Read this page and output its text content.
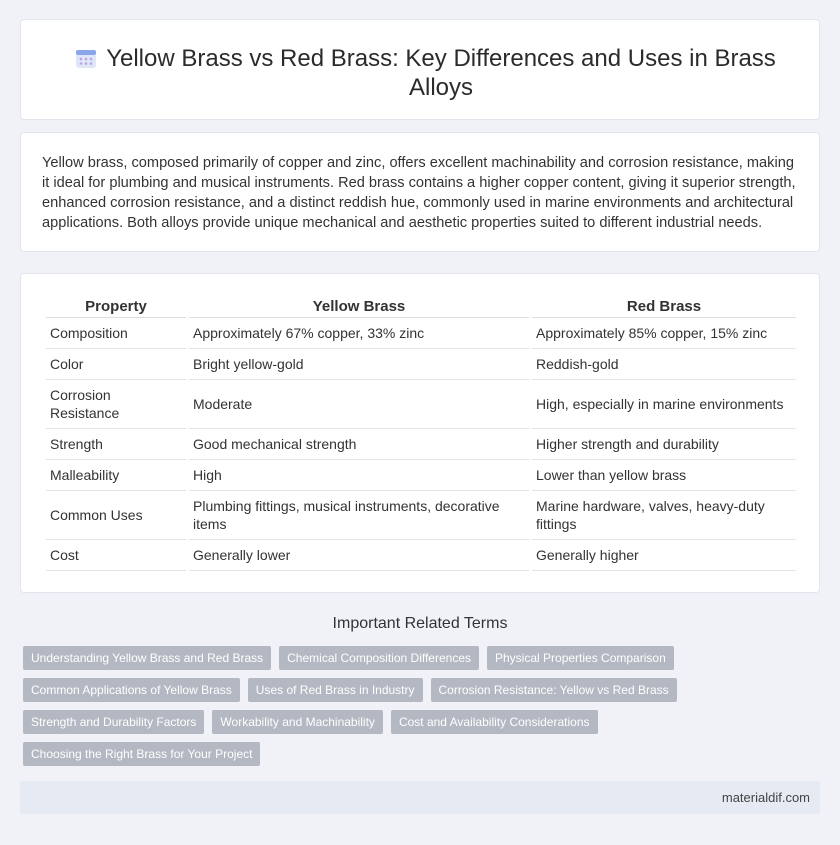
Yellow Brass vs Red Brass: Key Differences and Uses in Brass Alloys

Yellow brass, composed primarily of copper and zinc, offers excellent machinability and corrosion resistance, making it ideal for plumbing and musical instruments. Red brass contains a higher copper content, giving it superior strength, enhanced corrosion resistance, and a distinct reddish hue, commonly used in marine environments and architectural applications. Both alloys provide unique mechanical and aesthetic properties suited to different industrial needs.

Property	Yellow Brass	Red Brass
Composition	Approximately 67% copper, 33% zinc	Approximately 85% copper, 15% zinc
Color	Bright yellow-gold	Reddish-gold
Corrosion Resistance	Moderate	High, especially in marine environments
Strength	Good mechanical strength	Higher strength and durability
Malleability	High	Lower than yellow brass
Common Uses	Plumbing fittings, musical instruments, decorative items	Marine hardware, valves, heavy-duty fittings
Cost	Generally lower	Generally higher
Important Related Terms
Understanding Yellow Brass and Red Brass	Chemical Composition Differences	Physical Properties Comparison
Common Applications of Yellow Brass	Uses of Red Brass in Industry	Corrosion Resistance: Yellow vs Red Brass
Strength and Durability Factors	Workability and Machinability	Cost and Availability Considerations
Choosing the Right Brass for Your Project
materialdif.com
